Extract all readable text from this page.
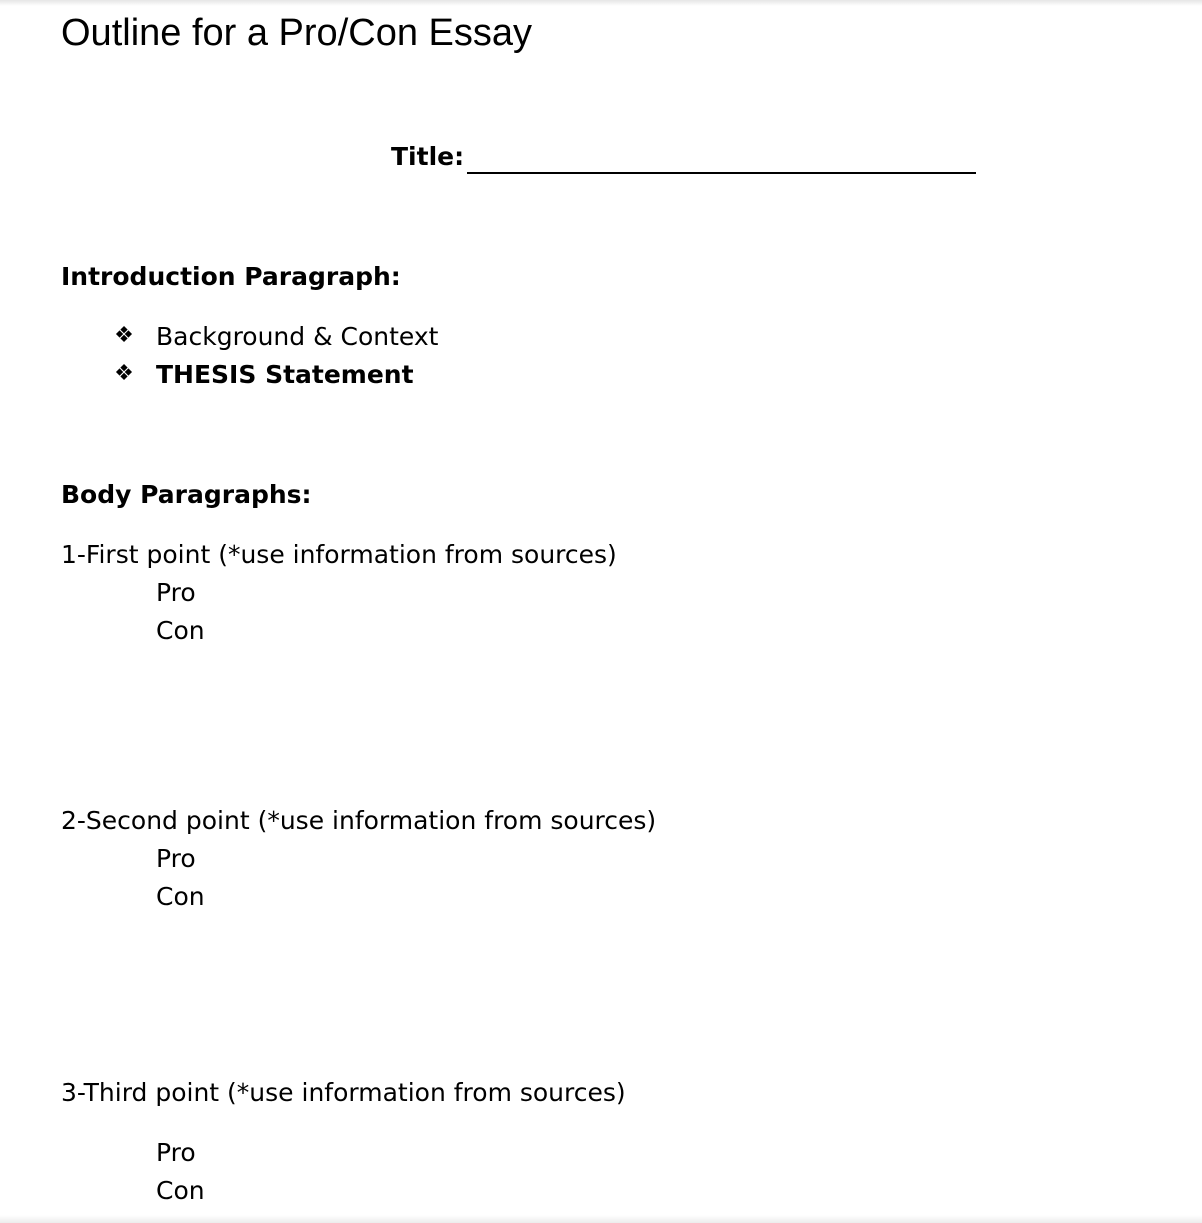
Outline for a Pro/Con Essay
Title:
Introduction Paragraph:
❖ Background & Context
❖ THESIS Statement
Body Paragraphs:
1-First point (*use information from sources)
Pro
Con
2-Second point (*use information from sources)
Pro
Con
3-Third point (*use information from sources)
Pro
Con
